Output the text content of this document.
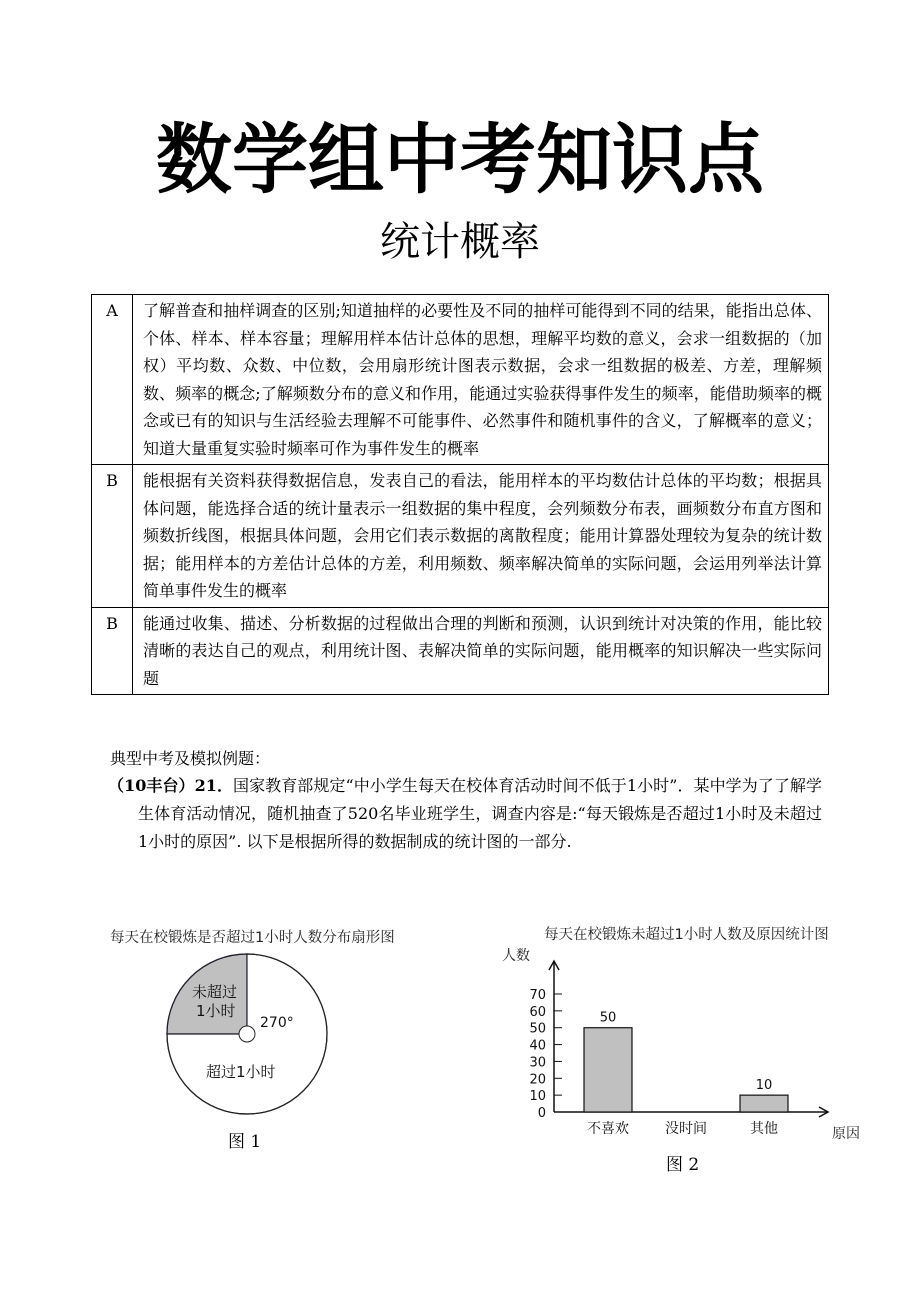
数学组中考知识点
统计概率
A	了解普查和抽样调查的区别;知道抽样的必要性及不同的抽样可能得到不同的结果，能指出总体、个体、样本、样本容量；理解用样本估计总体的思想，理解平均数的意义，会求一组数据的（加权）平均数、众数、中位数，会用扇形统计图表示数据，会求一组数据的极差、方差，理解频数、频率的概念;了解频数分布的意义和作用，能通过实验获得事件发生的频率，能借助频率的概念或已有的知识与生活经验去理解不可能事件、必然事件和随机事件的含义，了解概率的意义；知道大量重复实验时频率可作为事件发生的概率
B	能根据有关资料获得数据信息，发表自己的看法，能用样本的平均数估计总体的平均数；根据具体问题，能选择合适的统计量表示一组数据的集中程度，会列频数分布表，画频数分布直方图和频数折线图，根据具体问题，会用它们表示数据的离散程度；能用计算器处理较为复杂的统计数据；能用样本的方差估计总体的方差，利用频数、频率解决简单的实际问题，会运用列举法计算简单事件发生的概率
B	能通过收集、描述、分析数据的过程做出合理的判断和预测，认识到统计对决策的作用，能比较清晰的表达自己的观点，利用统计图、表解决简单的实际问题，能用概率的知识解决一些实际问题
典型中考及模拟例题：
（10丰台）21．国家教育部规定“中小学生每天在校体育活动时间不低于1小时”．某中学为了了解学生体育活动情况，随机抽查了520名毕业班学生，调查内容是:“每天锻炼是否超过1小时及未超过1小时的原因”. 以下是根据所得的数据制成的统计图的一部分.
每天在校锻炼是否超过1小时人数分布扇形图
未超过
1小时
超过1小时
270°
图 1
每天在校锻炼未超过1小时人数及原因统计图
人数
原因
0
10
20
30
40
50
60
70
50
不喜欢	没时间
10
其他
图 2
